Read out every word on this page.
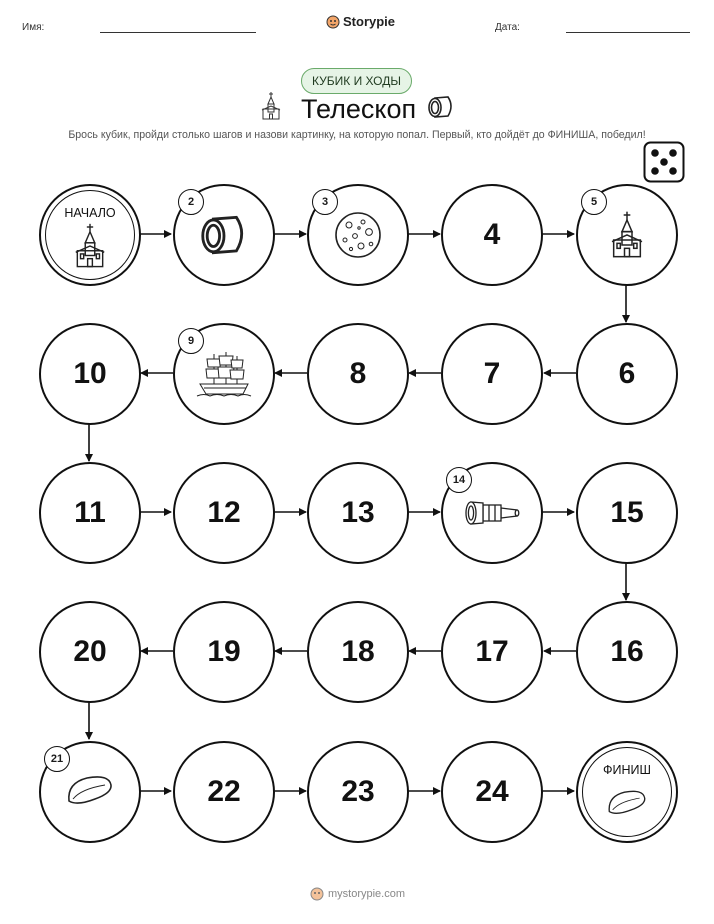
Имя:	Storypie	Дата:
КУБИК И ХОДЫ
Телескоп
Брось кубик, пройди столько шагов и назови картинку, на которую попал. Первый, кто дойдёт до ФИНИША, победил!
НАЧАЛО
2	3
4
5
10
9
8	7	6
11	12	13
14
15
20	19	18	17	16
21
22	23	24
ФИНИШ
mystorypie.com
